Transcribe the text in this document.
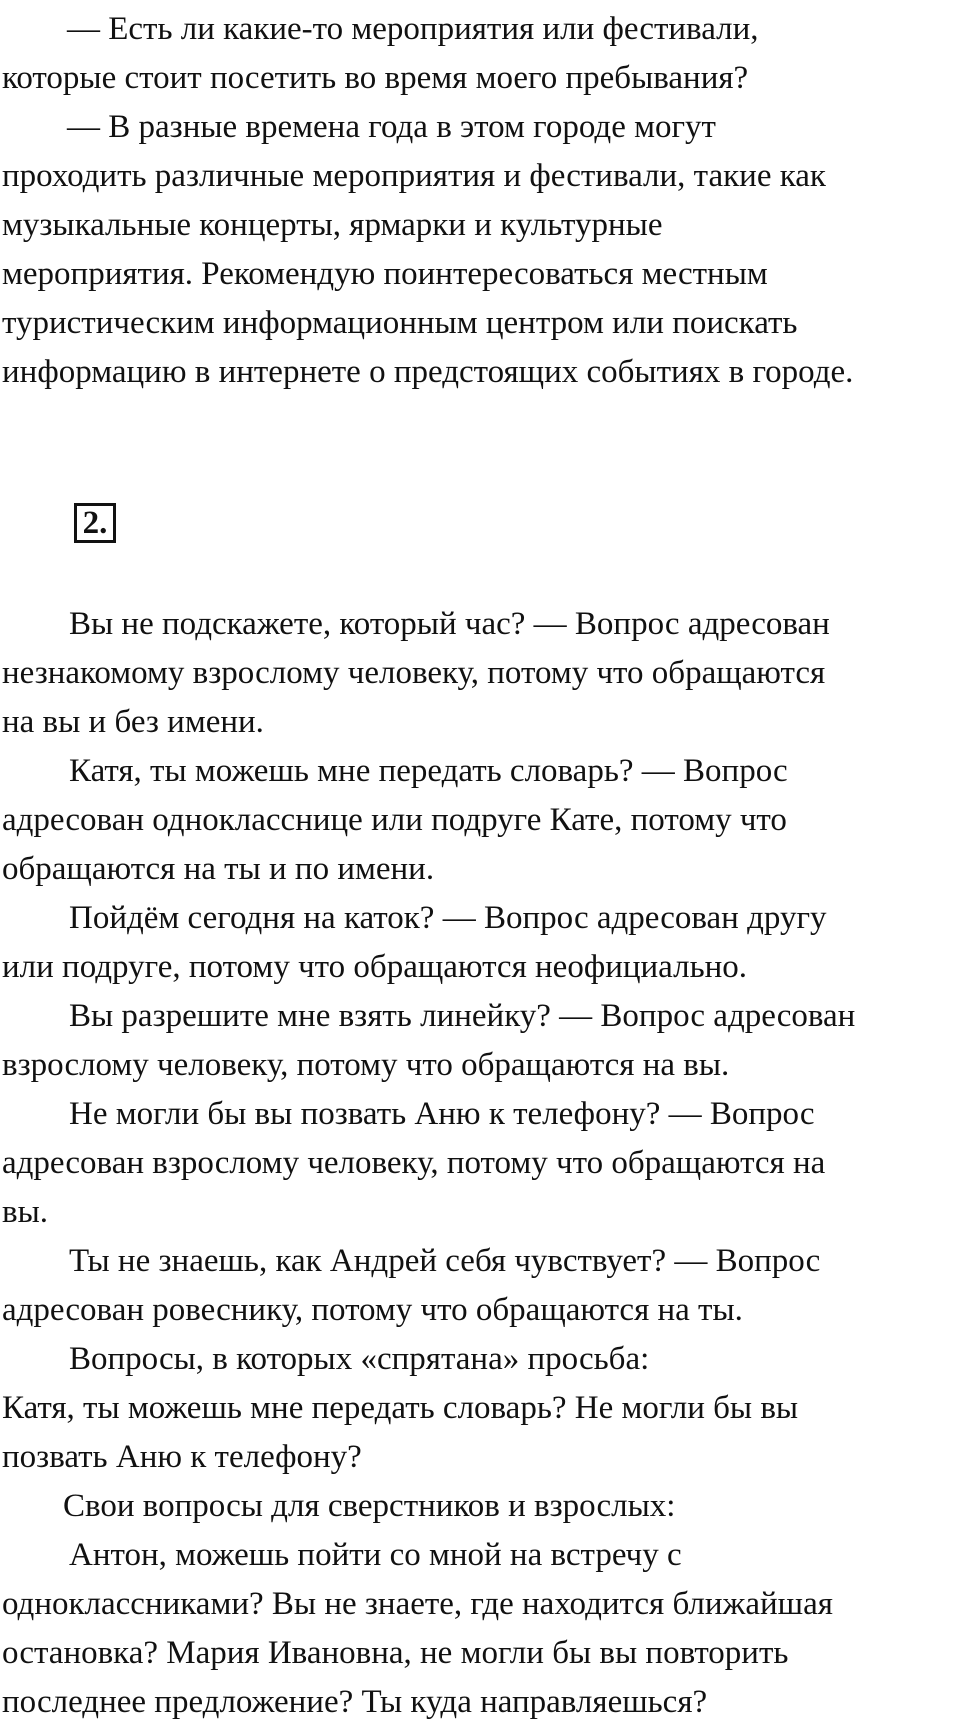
— Есть ли какие-то мероприятия или фестивали,
которые стоит посетить во время моего пребывания?

— В разные времена года в этом городе могут
проходить различные мероприятия и фестивали, такие как
музыкальные концерты, ярмарки и культурные
мероприятия. Рекомендую поинтересоваться местным
туристическим информационным центром или поискать
информацию в интернете о предстоящих событиях в городе.

2.

Вы не подскажете, который час? — Вопрос адресован
незнакомому взрослому человеку, потому что обращаются
на вы и без имени.

Катя, ты можешь мне передать словарь? — Вопрос
адресован однокласснице или подруге Кате, потому что
обращаются на ты и по имени.

Пойдём сегодня на каток? — Вопрос адресован другу
или подруге, потому что обращаются неофициально.

Вы разрешите мне взять линейку? — Вопрос адресован
взрослому человеку, потому что обращаются на вы.

Не могли бы вы позвать Аню к телефону? — Вопрос
адресован взрослому человеку, потому что обращаются на
вы.

Ты не знаешь, как Андрей себя чувствует? — Вопрос
адресован ровеснику, потому что обращаются на ты.

Вопросы, в которых «спрятана» просьба:
Катя, ты можешь мне передать словарь? Не могли бы вы
позвать Аню к телефону?

Свои вопросы для сверстников и взрослых:

Антон, можешь пойти со мной на встречу с
одноклассниками? Вы не знаете, где находится ближайшая
остановка? Мария Ивановна, не могли бы вы повторить
последнее предложение? Ты куда направляешься?
